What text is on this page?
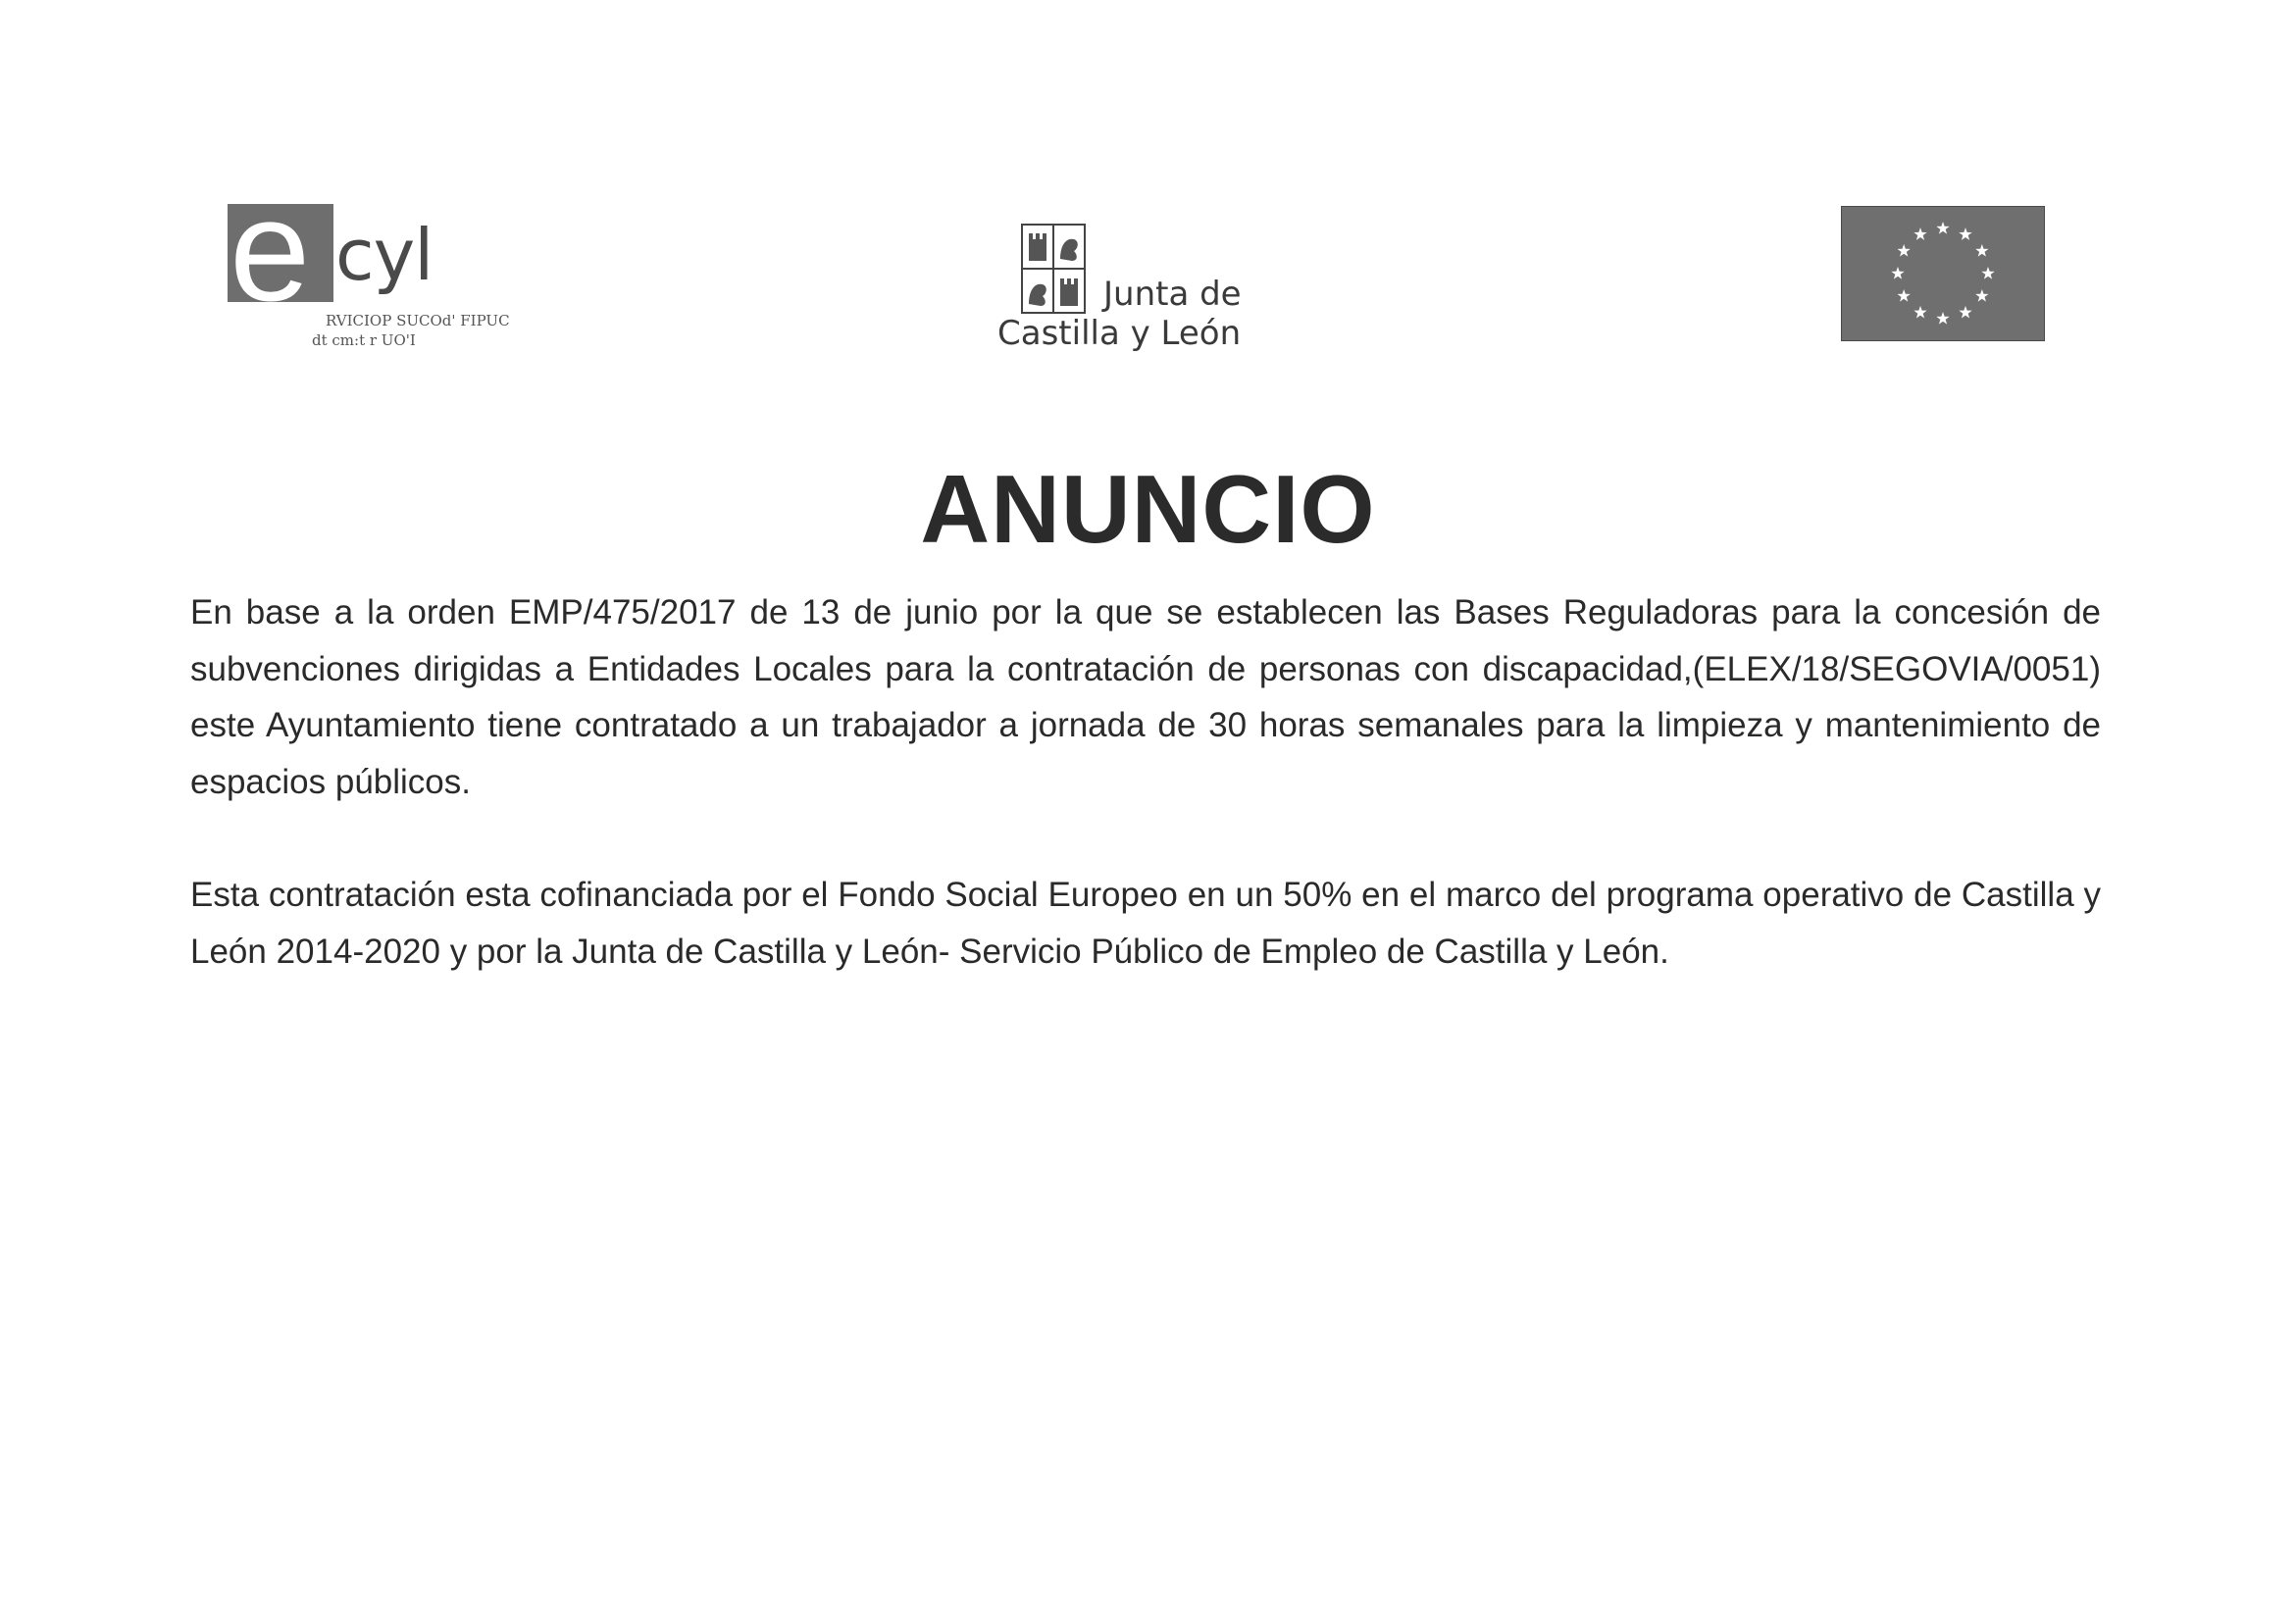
e cyl
RVICIOP SUCOd' FIPUC
dt cm:t r UO'I
Junta de
Castilla y León
ANUNCIO

En base a la orden EMP/475/2017 de 13 de junio por la que se establecen las Bases Reguladoras para la concesión de subvenciones dirigidas a Entidades Locales para la contratación de personas con discapacidad,(ELEX/18/SEGOVIA/0051) este Ayuntamiento tiene contratado a un trabajador a jornada de 30 horas semanales para la limpieza y mantenimiento de espacios públicos.

Esta contratación esta cofinanciada por el Fondo Social Europeo en un 50% en el marco del programa operativo de Castilla y León 2014-2020 y por la Junta de Castilla y León- Servicio Público de Empleo de Castilla y León.
